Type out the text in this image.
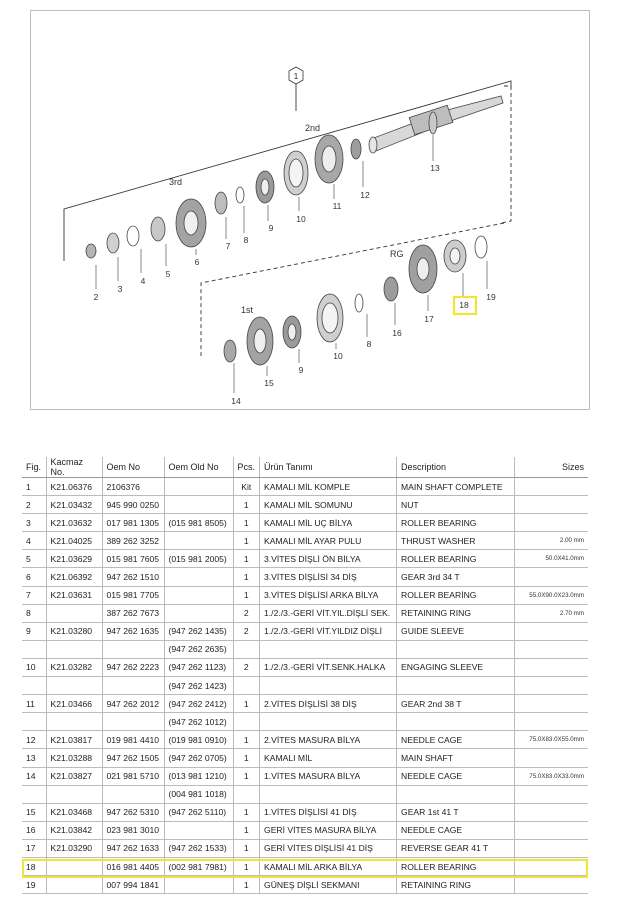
1
2nd
3rd
RG
1st
2
3
4
5
6
7
8
9
10
11
12
13
18
19
17
16
8
10
9
15
14
Fig.	Kacmaz No.	Oem No	Oem Old No	Pcs.	Ürün Tanımı	Description	Sizes
1	K21.06376	2106376		Kit	KAMALI MİL KOMPLE	MAIN SHAFT COMPLETE	
2	K21.03432	945 990 0250		1	KAMALI MİL SOMUNU	NUT	
3	K21.03632	017 981 1305	(015 981 8505)	1	KAMALI MİL UÇ BİLYA	ROLLER BEARING	
4	K21.04025	389 262 3252		1	KAMALI MİL AYAR PULU	THRUST WASHER	2.00 mm
5	K21.03629	015 981 7605	(015 981 2005)	1	3.VİTES DİŞLİ ÖN BİLYA	ROLLER BEARİNG	50.0X41.0mm
6	K21.06392	947 262 1510		1	3.VİTES DİŞLİSİ 34 DİŞ	GEAR 3rd 34 T	
7	K21.03631	015 981 7705		1	3.VİTES DİŞLİSİ ARKA BİLYA	ROLLER BEARİNG	55.0X90.0X23.0mm
8		387 262 7673		2	1./2./3.-GERİ VİT.YIL.DİŞLİ SEK.	RETAINING RING	2.70 mm
9	K21.03280	947 262 1635	(947 262 1435)	2	1./2./3.-GERİ VİT.YILDIZ DİŞLİ	GUIDE SLEEVE	
			(947 262 2635)				
10	K21.03282	947 262 2223	(947 262 1123)	2	1./2./3.-GERİ VİT.SENK.HALKA	ENGAGING SLEEVE	
			(947 262 1423)				
11	K21.03466	947 262 2012	(947 262 2412)	1	2.VİTES DİŞLİSİ 38 DİŞ	GEAR 2nd 38 T	
			(947 262 1012)				
12	K21.03817	019 981 4410	(019 981 0910)	1	2.VİTES MASURA BİLYA	NEEDLE CAGE	75.0X83.0X55.0mm
13	K21.03288	947 262 1505	(947 262 0705)	1	KAMALI MİL	MAIN SHAFT	
14	K21.03827	021 981 5710	(013 981 1210)	1	1.VİTES MASURA BİLYA	NEEDLE CAGE	75.0X83.0X33.0mm
			(004 981 1018)				
15	K21.03468	947 262 5310	(947 262 5110)	1	1.VİTES DİŞLİSİ 41 DİŞ	GEAR 1st 41 T	
16	K21.03842	023 981 3010		1	GERİ VİTES MASURA BİLYA	NEEDLE CAGE	
17	K21.03290	947 262 1633	(947 262 1533)	1	GERİ VİTES DİŞLİSİ 41 DİŞ	REVERSE GEAR 41 T	
18		016 981 4405	(002 981 7981)	1	KAMALI MİL ARKA BİLYA	ROLLER BEARING	
19		007 994 1841		1	GÜNEŞ DİŞLİ SEKMANI	RETAINING RING	
